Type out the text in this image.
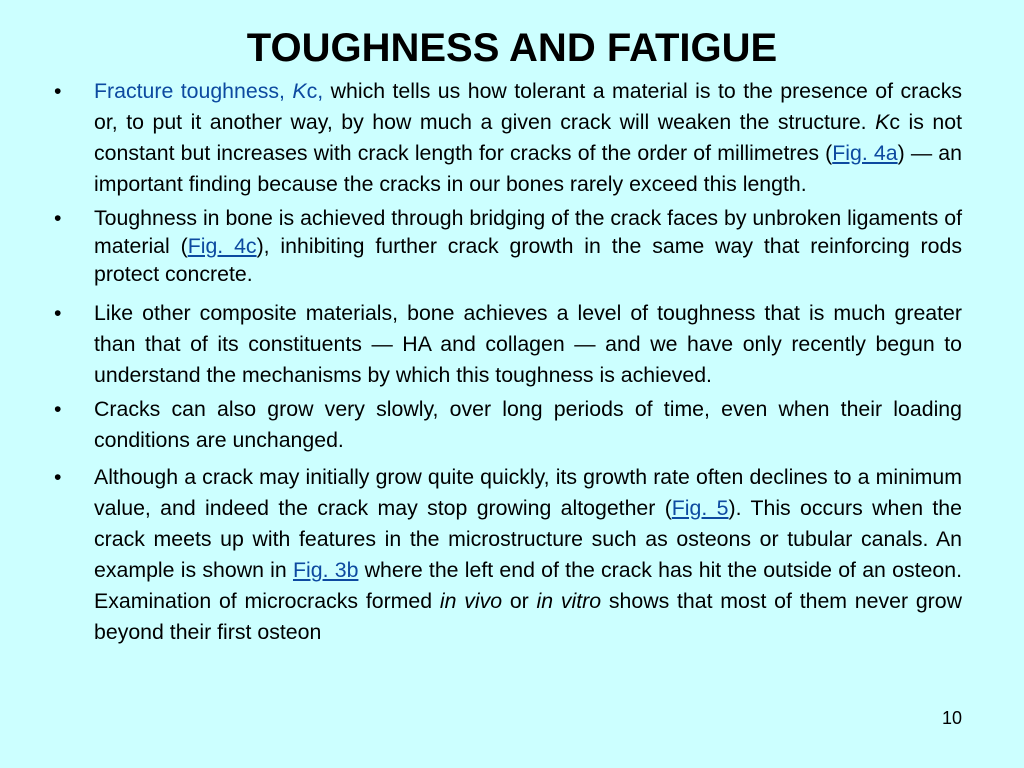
TOUGHNESS AND FATIGUE
• Fracture toughness, Kc, which tells us how tolerant a material is to the presence of cracks or, to put it another way, by how much a given crack will weaken the structure. Kc is not constant but increases with crack length for cracks of the order of millimetres (Fig. 4a) — an important finding because the cracks in our bones rarely exceed this length.
• Toughness in bone is achieved through bridging of the crack faces by unbroken ligaments of material (Fig. 4c), inhibiting further crack growth in the same way that reinforcing rods protect concrete.
• Like other composite materials, bone achieves a level of toughness that is much greater than that of its constituents — HA and collagen — and we have only recently begun to understand the mechanisms by which this toughness is achieved.
• Cracks can also grow very slowly, over long periods of time, even when their loading conditions are unchanged.
• Although a crack may initially grow quite quickly, its growth rate often declines to a minimum value, and indeed the crack may stop growing altogether (Fig. 5). This occurs when the crack meets up with features in the microstructure such as osteons or tubular canals. An example is shown in Fig. 3b where the left end of the crack has hit the outside of an osteon. Examination of microcracks formed in vivo or in vitro shows that most of them never grow beyond their first osteon
10
